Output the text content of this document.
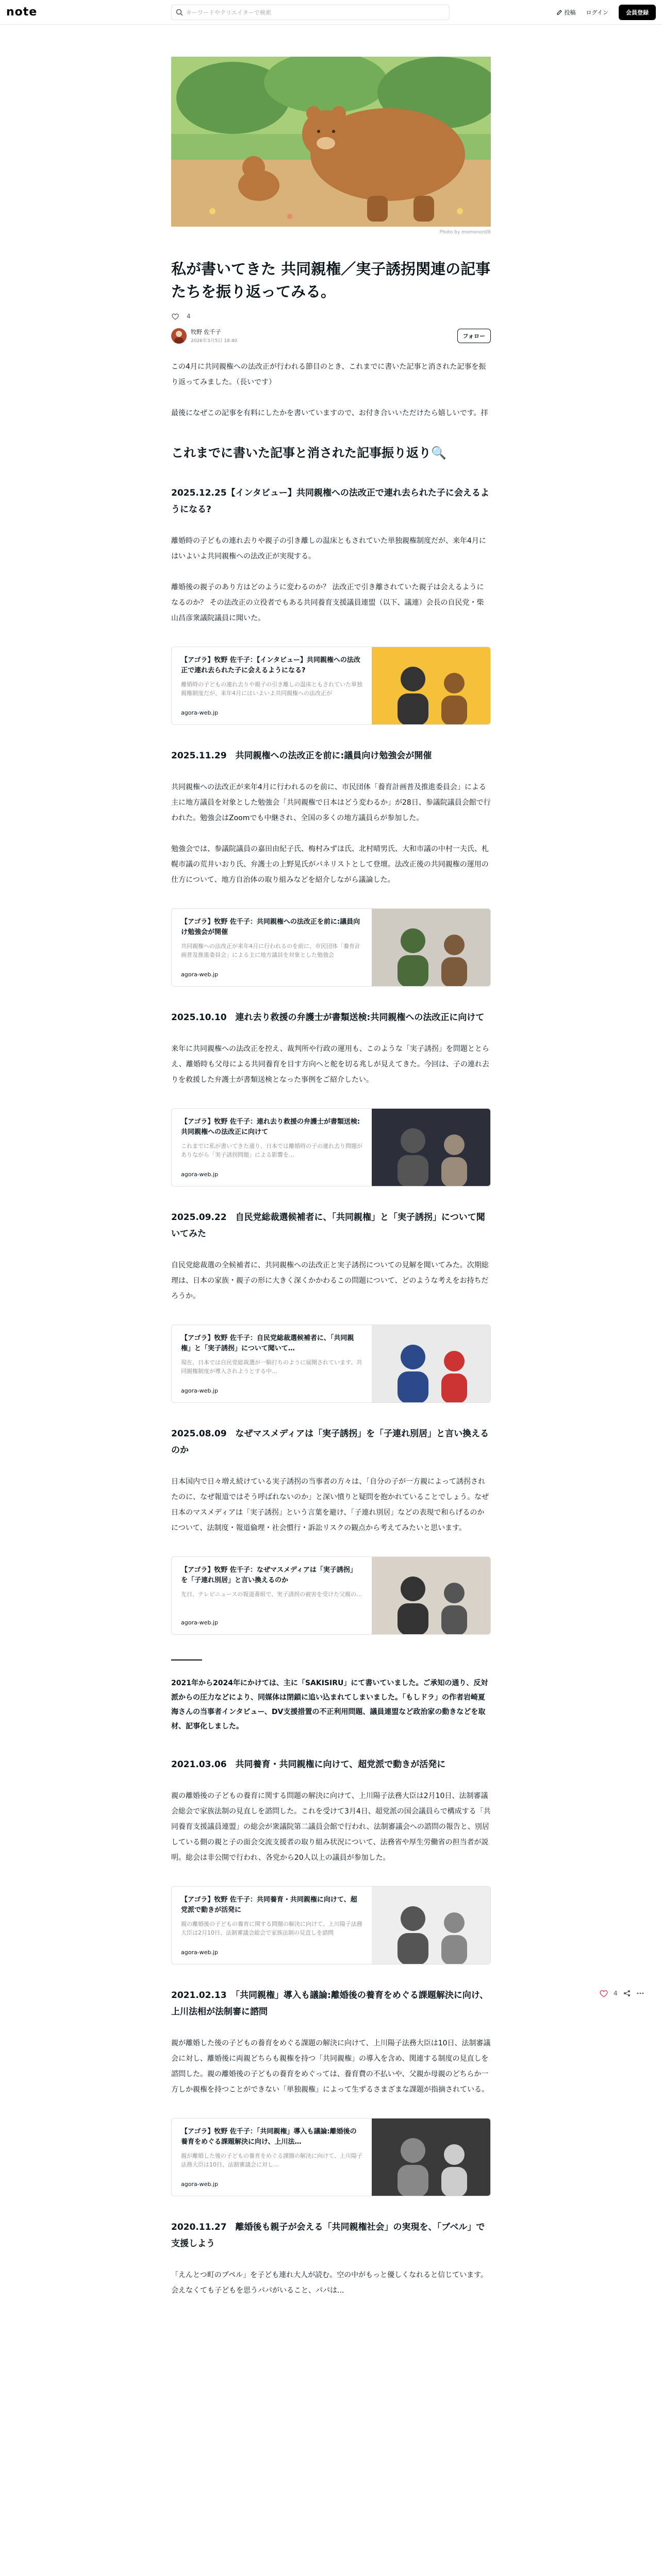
note	キーワードやクリエイターで検索	投稿 ログイン	会員登録
Photo by momonon08
私が書いてきた 共同親権／実子誘拐関連の記事たちを振り返ってみる。
4
牧野 佐千子
2026年3月5日 18:40
フォロー

この4月に共同親権への法改正が行われる節目のとき、これまでに書いた記事と消された記事を振り返ってみました。（長いです）

最後になぜこの記事を有料にしたかを書いていますので、お付き合いいただけたら嬉しいです。拝

これまでに書いた記事と消された記事振り返り🔍
2025.12.25【インタビュー】共同親権への法改正で連れ去られた子に会えるようになる?

離婚時の子どもの連れ去りや親子の引き離しの温床ともされていた単独親権制度だが、来年4月にはいよいよ共同親権への法改正が実現する。

離婚後の親子のあり方はどのように変わるのか？ 法改正で引き離されていた親子は会えるようになるのか？ その法改正の立役者でもある共同養育支援議員連盟（以下、議連）会長の自民党・柴山昌彦衆議院議員に聞いた。

【アゴラ】牧野 佐千子：【インタビュー】共同親権への法改正で連れ去られた子に会えるようになる?
離婚時の子どもの連れ去りや親子の引き離しの温床ともされていた単独親権制度だが、来年4月にはいよいよ共同親権への法改正が
agora-web.jp
2025.11.29　共同親権への法改正を前に:議員向け勉強会が開催

共同親権への法改正が来年4月に行われるのを前に、市民団体「養育計画普及推進委員会」による主に地方議員を対象とした勉強会「共同親権で日本はどう変わるか」が28日、参議院議員会館で行われた。勉強会はZoomでも中継され、全国の多くの地方議員らが参加した。

勉強会では、参議院議員の嘉田由紀子氏、梅村みずほ氏、北村晴男氏、大和市議の中村一夫氏、札幌市議の荒井いおり氏、弁護士の上野晃氏がパネリストとして登壇。法改正後の共同親権の運用の仕方について、地方自治体の取り組みなどを紹介しながら議論した。

【アゴラ】牧野 佐千子：共同親権への法改正を前に:議員向け勉強会が開催
共同親権への法改正が来年4月に行われるのを前に、市民団体「養育計画普及推進委員会」による主に地方議員を対象とした勉強会
agora-web.jp
2025.10.10　連れ去り救援の弁護士が書類送検:共同親権への法改正に向けて

来年に共同親権への法改正を控え、裁判所や行政の運用も、このような「実子誘拐」を問題ととらえ、離婚時も父母による共同養育を目す方向へと舵を切る兆しが見えてきた。今回は、子の連れ去りを救援した弁護士が書類送検となった事例をご紹介したい。

【アゴラ】牧野 佐千子：連れ去り救援の弁護士が書類送検:共同親権への法改正に向けて
これまでに私が書いてきた通り、日本では離婚時の子の連れ去り問題がありながら「実子誘拐問題」による影響を…
agora-web.jp
2025.09.22　自民党総裁選候補者に、「共同親権」と「実子誘拐」について聞いてみた

自民党総裁選の全候補者に、共同親権への法改正と実子誘拐についての見解を聞いてみた。次期総理は、日本の家族・親子の形に大きく深くかかわるこの問題について、どのような考えをお持ちだろうか。

【アゴラ】牧野 佐千子：自民党総裁選候補者に、「共同親権」と「実子誘拐」について聞いて…
現在、日本では自民党総裁選が一騎打ちのように展開されています。共同親権制度が導入されようとする中…
agora-web.jp
2025.08.09　なぜマスメディアは「実子誘拐」を「子連れ別居」と言い換えるのか

日本国内で日々増え続けている実子誘拐の当事者の方々は、「自分の子が一方親によって誘拐されたのに、なぜ報道ではそう呼ばれないのか」と深い憤りと疑問を抱かれていることでしょう。なぜ日本のマスメディアは「実子誘拐」という言葉を避け、「子連れ別居」などの表現で和らげるのかについて、法制度・報道倫理・社会慣行・訴訟リスクの観点から考えてみたいと思います。

【アゴラ】牧野 佐千子：なぜマスメディアは「実子誘拐」を「子連れ別居」と言い換えるのか
先日、テレビニュースの報道番組で、実子誘拐の被害を受けた父親の…
agora-web.jp

2021年から2024年にかけては、主に「SAKISIRU」にて書いていました。ご承知の通り、反対派からの圧力などにより、同媒体は閉鎖に追い込まれてしまいました。「もしドラ」の作者岩崎夏海さんの当事者インタビュー、DV支援措置の不正利用問題、議員連盟など政治家の動きなどを取材、記事化しました。

2021.03.06　共同養育・共同親権に向けて、超党派で動きが活発に

親の離婚後の子どもの養育に関する問題の解決に向けて、上川陽子法務大臣は2月10日、法制審議会総会で家族法制の見直しを諮問した。これを受けて3月4日、超党派の国会議員らで構成する「共同養育支援議員連盟」の総会が衆議院第二議員会館で行われ、法制審議会への諮問の報告と、別居している側の親と子の面会交流支援者の取り組み状況について、法務省や厚生労働省の担当者が説明。総会は非公開で行われ、各党から20人以上の議員が参加した。

【アゴラ】牧野 佐千子：共同養育・共同親権に向けて、超党派で動きが活発に
親の離婚後の子どもの養育に関する問題の解決に向けて、上川陽子法務大臣は2月10日、法制審議会総会で家族法制の見直しを諮問
agora-web.jp
2021.02.13　「共同親権」導入も議論:離婚後の養育をめぐる課題解決に向け、上川法相が法制審に諮問

親が離婚した後の子どもの養育をめぐる課題の解決に向けて、上川陽子法務大臣は10日、法制審議会に対し、離婚後に両親どちらも親権を持つ「共同親権」の導入を含め、関連する制度の見直しを諮問した。親の離婚後の子どもの養育をめぐっては、養育費の不払いや、父親か母親のどちらか一方しか親権を持つことができない「単独親権」によって生ずるさまざまな課題が指摘されている。

【アゴラ】牧野 佐千子：「共同親権」導入も議論:離婚後の養育をめぐる課題解決に向け、上川法…
親が離婚した後の子どもの養育をめぐる課題の解決に向けて、上川陽子法務大臣は10日、法制審議会に対し…
agora-web.jp
2020.11.27　離婚後も親子が会える「共同親権社会」の実現を、「ブベル」で支援しよう

「えんとつ町のプペル」を子ども連れ大人が読む。空の中がもっと優しくなれると信じています。会えなくても子どもを思うパパがいること、パパは...

4
